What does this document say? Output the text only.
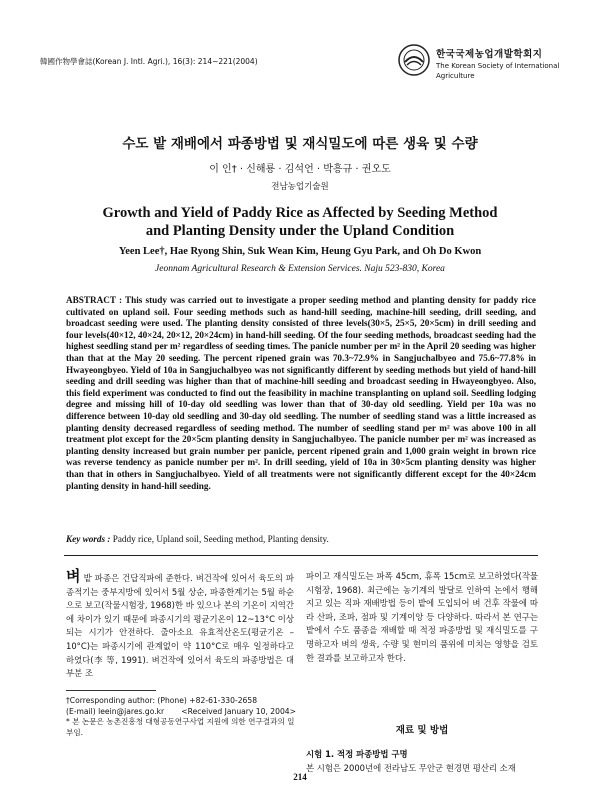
韓國作物學會誌(Korean J. Intl. Agri.), 16(3): 214~221(2004)
한국국제농업개발학회지
The Korean Society of International
Agriculture
수도 밭 재배에서 파종방법 및 재식밀도에 따른 생육 및 수량
이 인† · 신해룡 · 김석언 · 박흥규 · 권오도
전남농업기술원
Growth and Yield of Paddy Rice as Affected by Seeding Method
and Planting Density under the Upland Condition
Yeen Lee†, Hae Ryong Shin, Suk Wean Kim, Heung Gyu Park, and Oh Do Kwon
Jeonnam Agricultural Research & Extension Services. Naju 523-830, Korea
ABSTRACT : This study was carried out to investigate a proper seeding method and planting density for paddy rice cultivated on upland soil. Four seeding methods such as hand-hill seeding, machine-hill seeding, drill seeding, and broadcast seeding were used. The planting density consisted of three levels(30×5, 25×5, 20×5cm) in drill seeding and four levels(40×12, 40×24, 20×12, 20×24cm) in hand-hill seeding. Of the four seeding methods, broadcast seeding had the highest seedling stand per m² regardless of seeding times. The panicle number per m² in the April 20 seeding was higher than that at the May 20 seeding. The percent ripened grain was 70.3~72.9% in Sangjuchalbyeo and 75.6~77.8% in Hwayeongbyeo. Yield of 10a in Sangjuchalbyeo was not significantly different by seeding methods but yield of hand-hill seeding and drill seeding was higher than that of machine-hill seeding and broadcast seeding in Hwayeongbyeo. Also, this field experiment was conducted to find out the feasibility in machine transplanting on upland soil. Seedling lodging degree and missing hill of 10-day old seedling was lower than that of 30-day old seedling. Yield per 10a was no difference between 10-day old seedling and 30-day old seedling. The number of seedling stand was a little increased as planting density decreased regardless of seeding method. The number of seedling stand per m² was above 100 in all treatment plot except for the 20×5cm planting density in Sangjuchalbyeo. The panicle number per m² was increased as planting density increased but grain number per panicle, percent ripened grain and 1,000 grain weight in brown rice was reverse tendency as panicle number per m². In drill seeding, yield of 10a in 30×5cm planting density was higher than that in others in Sangjuchalbyeo. Yield of all treatments were not significantly different except for the 40×24cm planting density in hand-hill seeding.
Key words : Paddy rice, Upland soil, Seeding method, Planting density.
벼 밭 파종은 건답직파에 준한다. 벼건작에 있어서 육도의 파종적기는 중부지방에 있어서 5월 상순, 파종한계기는 5월 하순으로 보고(작물시험장, 1968)한 바 있으나 본의 기온이 지역간에 차이가 있기 때문에 파종시기의 평균기온이 12~13°C 이상 되는 시기가 안전하다. 출아소요 유효적산온도(평균기온 – 10°C)는 파종시기에 관계없이 약 110°C로 매우 일정하다고 하였다(李 等, 1991). 벼건작에 있어서 육도의 파종방법은 대부분 조
파이고 재식밀도는 파폭 45cm, 휴폭 15cm로 보고하였다(작물시험장, 1968). 최근에는 농기계의 발달로 인하여 논에서 행해지고 있는 직파 재배방법 등이 밭에 도입되어 벼 건후 작물에 따라 산파, 조파, 점파 및 기계이앙 등 다양하다. 따라서 본 연구는 밭에서 수도 품종을 재배할 때 적정 파종방법 및 재식밀도를 구명하고자 벼의 생육, 수량 및 현미의 품위에 미치는 영향을 검토한 결과를 보고하고자 한다.
†Corresponding author: (Phone) +82-61-330-2658
(E-mail) leein@jares.go.kr <Received January 10, 2004>
* 본 논문은 농촌진흥청 대형공동연구사업 지원에 의한 연구결과의 일부임.	재료 및 방법
시험 1. 적정 파종방법 구명
본 시험은 2000년에 전라남도 무안군 현경면 평산리 소재
214
